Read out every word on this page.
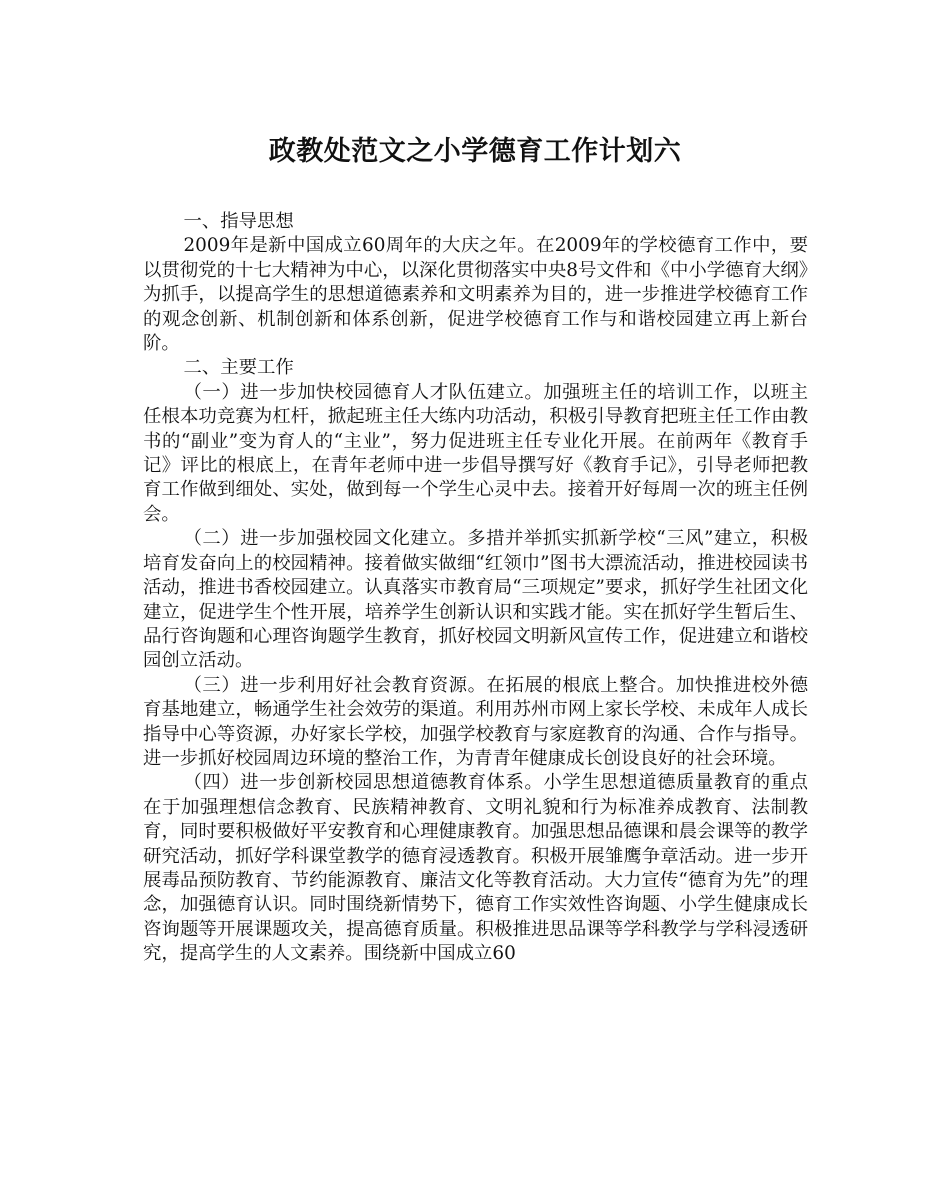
政教处范文之小学德育工作计划六

一、指导思想

2009年是新中国成立60周年的大庆之年。在2009年的学校德育工作中，要以贯彻党的十七大精神为中心，以深化贯彻落实中央8号文件和《中小学德育大纲》为抓手，以提高学生的思想道德素养和文明素养为目的，进一步推进学校德育工作的观念创新、机制创新和体系创新，促进学校德育工作与和谐校园建立再上新台阶。

二、主要工作

（一）进一步加快校园德育人才队伍建立。加强班主任的培训工作，以班主任根本功竞赛为杠杆，掀起班主任大练内功活动，积极引导教育把班主任工作由教书的“副业”变为育人的“主业”，努力促进班主任专业化开展。在前两年《教育手记》评比的根底上，在青年老师中进一步倡导撰写好《教育手记》，引导老师把教育工作做到细处、实处，做到每一个学生心灵中去。接着开好每周一次的班主任例会。

（二）进一步加强校园文化建立。多措并举抓实抓新学校“三风”建立，积极培育发奋向上的校园精神。接着做实做细“红领巾”图书大漂流活动，推进校园读书活动，推进书香校园建立。认真落实市教育局“三项规定”要求，抓好学生社团文化建立，促进学生个性开展，培养学生创新认识和实践才能。实在抓好学生暂后生、品行咨询题和心理咨询题学生教育，抓好校园文明新风宣传工作，促进建立和谐校园创立活动。

（三）进一步利用好社会教育资源。在拓展的根底上整合。加快推进校外德育基地建立，畅通学生社会效劳的渠道。利用苏州市网上家长学校、未成年人成长指导中心等资源，办好家长学校，加强学校教育与家庭教育的沟通、合作与指导。进一步抓好校园周边环境的整治工作，为青青年健康成长创设良好的社会环境。

（四）进一步创新校园思想道德教育体系。小学生思想道德质量教育的重点在于加强理想信念教育、民族精神教育、文明礼貌和行为标准养成教育、法制教育，同时要积极做好平安教育和心理健康教育。加强思想品德课和晨会课等的教学研究活动，抓好学科课堂教学的德育浸透教育。积极开展雏鹰争章活动。进一步开展毒品预防教育、节约能源教育、廉洁文化等教育活动。大力宣传“德育为先”的理念，加强德育认识。同时围绕新情势下，德育工作实效性咨询题、小学生健康成长咨询题等开展课题攻关，提高德育质量。积极推进思品课等学科教学与学科浸透研究，提高学生的人文素养。围绕新中国成立60
